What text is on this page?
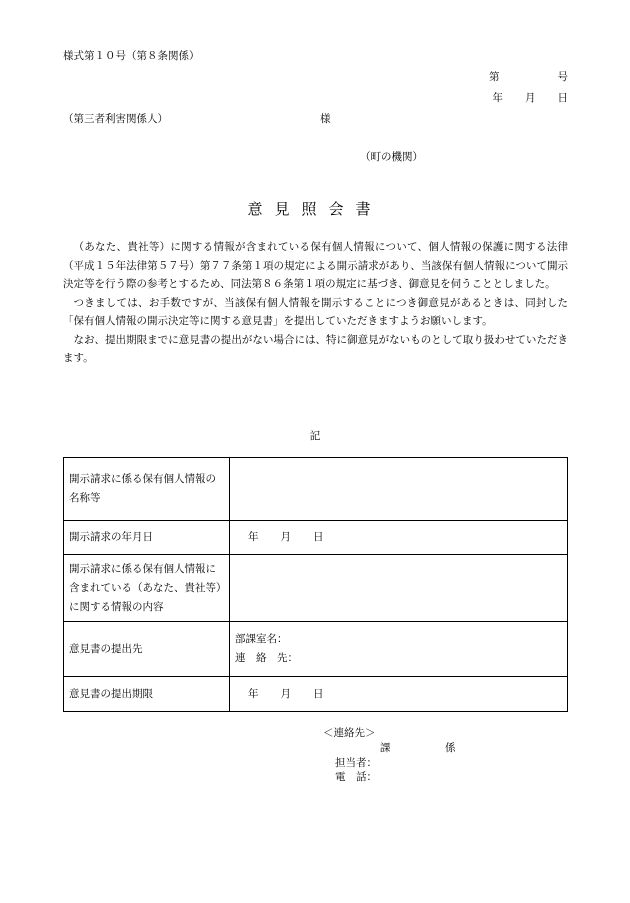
様式第１０号（第８条関係）
第	号
年 月 日
（第三者利害関係人）	様
（町の機関）
意見照会書

（あなた、貴社等）に関する情報が含まれている保有個人情報について、個人情報の保護に関する法律（平成１５年法律第５７号）第７７条第１項の規定による開示請求があり、当該保有個人情報について開示決定等を行う際の参考とするため、同法第８６条第１項の規定に基づき、御意見を伺うこととしました。

つきましては、お手数ですが、当該保有個人情報を開示することにつき御意見があるときは、同封した「保有個人情報の開示決定等に関する意見書」を提出していただきますようお願いします。

なお、提出期限までに意見書の提出がない場合には、特に御意見がないものとして取り扱わせていただきます。

記
開示請求に係る保有個人情報の名称等	
開示請求の年月日	年 月 日
開示請求に係る保有個人情報に含まれている（あなた、貴社等）に関する情報の内容	
意見書の提出先	部課室名：
連　絡　先：

意見書の提出期限	年 月 日
＜連絡先＞
課	係
担当者：
電　話：
